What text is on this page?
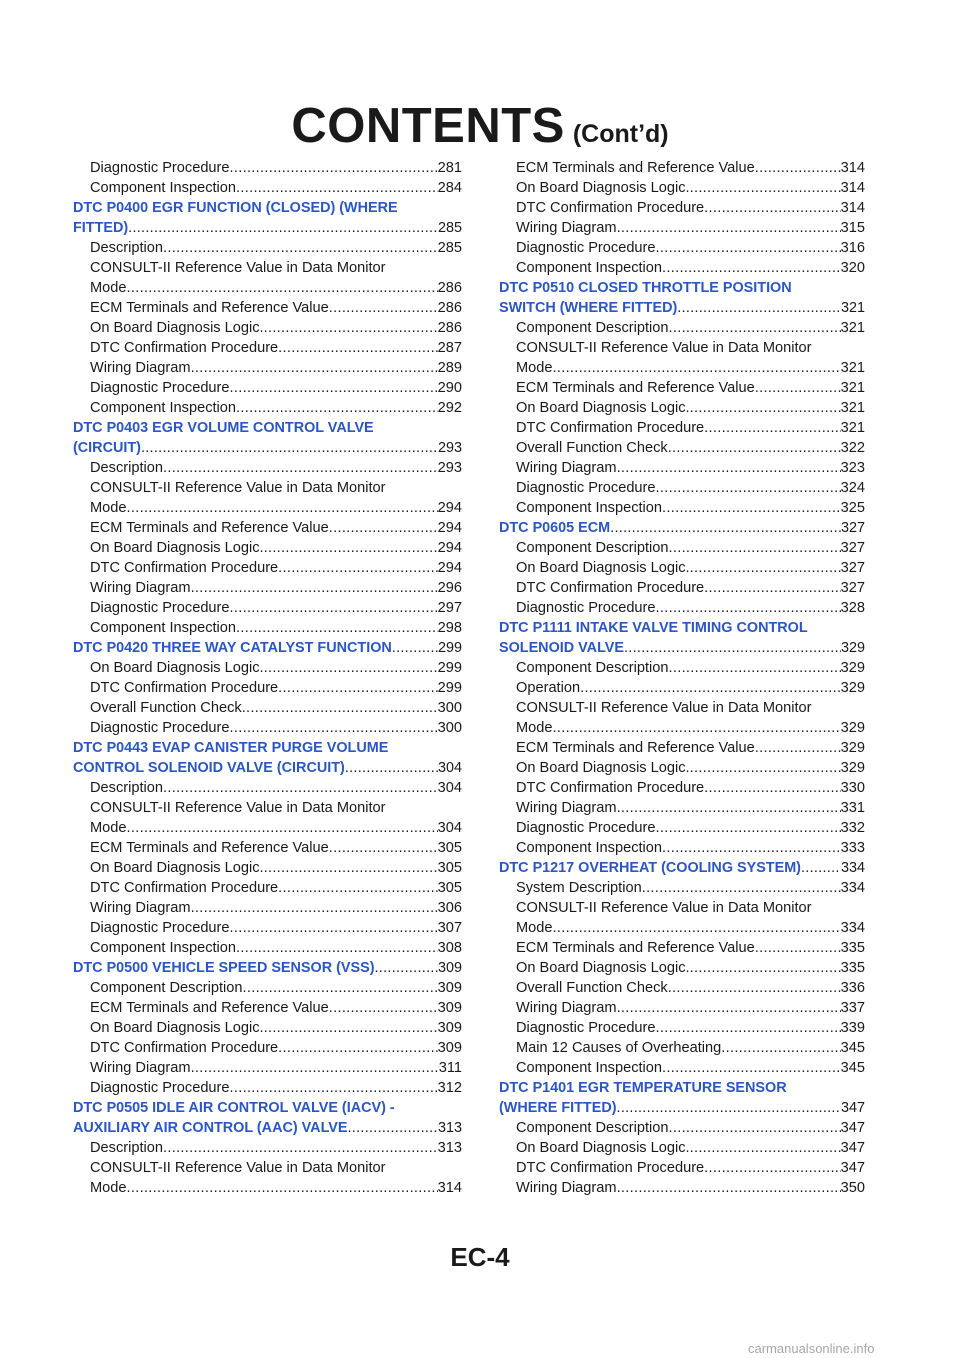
CONTENTS (Cont’d)
Diagnostic Procedure .....	281
Component Inspection .....	284
DTC P0400 EGR FUNCTION (CLOSED) (WHERE
FITTED) .....	285
Description .....	285
CONSULT-II Reference Value in Data Monitor
Mode .....	286
ECM Terminals and Reference Value .....	286
On Board Diagnosis Logic. .....	286
DTC Confirmation Procedure .....	287
Wiring Diagram .....	289
Diagnostic Procedure .....	290
Component Inspection .....	292
DTC P0403 EGR VOLUME CONTROL VALVE
(CIRCUIT) .....	293
Description .....	293
CONSULT-II Reference Value in Data Monitor
Mode .....	294
ECM Terminals and Reference Value .....	294
On Board Diagnosis Logic. .....	294
DTC Confirmation Procedure .....	294
Wiring Diagram .....	296
Diagnostic Procedure .....	297
Component Inspection .....	298
DTC P0420 THREE WAY CATALYST FUNCTION .....	299
On Board Diagnosis Logic. .....	299
DTC Confirmation Procedure .....	299
Overall Function Check .....	300
Diagnostic Procedure .....	300
DTC P0443 EVAP CANISTER PURGE VOLUME
CONTROL SOLENOID VALVE (CIRCUIT) .....	304
Description .....	304
CONSULT-II Reference Value in Data Monitor
Mode .....	304
ECM Terminals and Reference Value .....	305
On Board Diagnosis Logic. .....	305
DTC Confirmation Procedure .....	305
Wiring Diagram .....	306
Diagnostic Procedure .....	307
Component Inspection .....	308
DTC P0500 VEHICLE SPEED SENSOR (VSS) .....	309
Component Description .....	309
ECM Terminals and Reference Value .....	309
On Board Diagnosis Logic. .....	309
DTC Confirmation Procedure .....	309
Wiring Diagram .....	311
Diagnostic Procedure .....	312
DTC P0505 IDLE AIR CONTROL VALVE (IACV) -
AUXILIARY AIR CONTROL (AAC) VALVE .....	313
Description .....	313
CONSULT-II Reference Value in Data Monitor
Mode .....	314
ECM Terminals and Reference Value .....	314
On Board Diagnosis Logic. .....	314
DTC Confirmation Procedure .....	314
Wiring Diagram .....	315
Diagnostic Procedure .....	316
Component Inspection .....	320
DTC P0510 CLOSED THROTTLE POSITION
SWITCH (WHERE FITTED) .....	321
Component Description .....	321
CONSULT-II Reference Value in Data Monitor
Mode .....	321
ECM Terminals and Reference Value .....	321
On Board Diagnosis Logic. .....	321
DTC Confirmation Procedure .....	321
Overall Function Check .....	322
Wiring Diagram .....	323
Diagnostic Procedure .....	324
Component Inspection .....	325
DTC P0605 ECM .....	327
Component Description .....	327
On Board Diagnosis Logic. .....	327
DTC Confirmation Procedure .....	327
Diagnostic Procedure .....	328
DTC P1111 INTAKE VALVE TIMING CONTROL
SOLENOID VALVE .....	329
Component Description .....	329
Operation .....	329
CONSULT-II Reference Value in Data Monitor
Mode .....	329
ECM Terminals and Reference Value .....	329
On Board Diagnosis Logic. .....	329
DTC Confirmation Procedure .....	330
Wiring Diagram .....	331
Diagnostic Procedure .....	332
Component Inspection .....	333
DTC P1217 OVERHEAT (COOLING SYSTEM) .....	334
System Description .....	334
CONSULT-II Reference Value in Data Monitor
Mode .....	334
ECM Terminals and Reference Value .....	335
On Board Diagnosis Logic. .....	335
Overall Function Check .....	336
Wiring Diagram .....	337
Diagnostic Procedure .....	339
Main 12 Causes of Overheating .....	345
Component Inspection .....	345
DTC P1401 EGR TEMPERATURE SENSOR
(WHERE FITTED) .....	347
Component Description .....	347
On Board Diagnosis Logic. .....	347
DTC Confirmation Procedure .....	347
Wiring Diagram .....	350
EC-4
carmanualsonline.info
